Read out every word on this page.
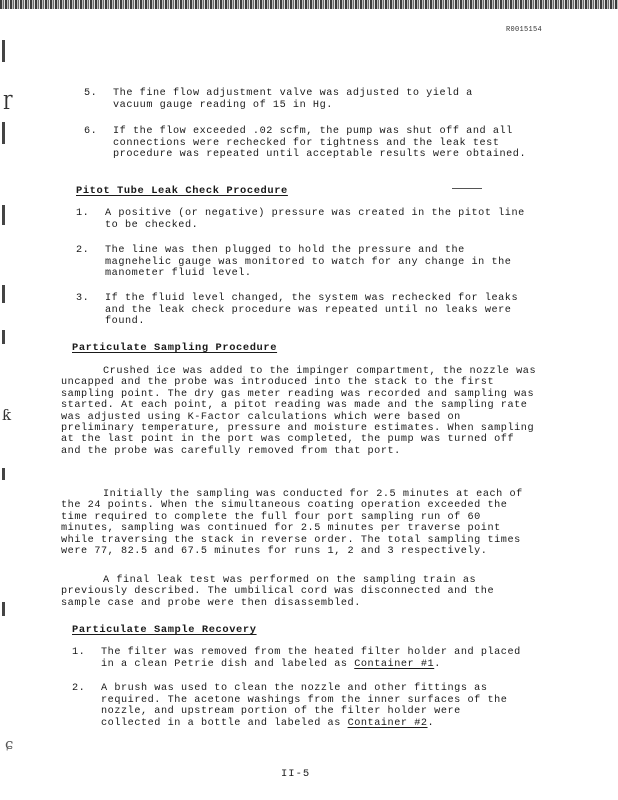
R0015154
ɼ
ƙ
ɕ
5.	The fine flow adjustment valve was adjusted to yield a vacuum gauge reading of 15 in Hg.
6.	If the flow exceeded .02 scfm, the pump was shut off and all connections were rechecked for tightness and the leak test procedure was repeated until acceptable results were obtained.
Pitot Tube Leak Check Procedure
1.	A positive (or negative) pressure was created in the pitot line to be checked.
2.	The line was then plugged to hold the pressure and the magnehelic gauge was monitored to watch for any change in the manometer fluid level.
3.	If the fluid level changed, the system was rechecked for leaks and the leak check procedure was repeated until no leaks were found.
Particulate Sampling Procedure
Crushed ice was added to the impinger compartment, the nozzle was uncapped and the probe was introduced into the stack to the first sampling point. The dry gas meter reading was recorded and sampling was started. At each point, a pitot reading was made and the sampling rate was adjusted using K-Factor calculations which were based on preliminary temperature, pressure and moisture estimates. When sampling at the last point in the port was completed, the pump was turned off and the probe was carefully removed from that port.
Initially the sampling was conducted for 2.5 minutes at each of the 24 points. When the simultaneous coating operation exceeded the time required to complete the full four port sampling run of 60 minutes, sampling was continued for 2.5 minutes per traverse point while traversing the stack in reverse order. The total sampling times were 77, 82.5 and 67.5 minutes for runs 1, 2 and 3 respectively.
A final leak test was performed on the sampling train as previously described. The umbilical cord was disconnected and the sample case and probe were then disassembled.
Particulate Sample Recovery
1.	The filter was removed from the heated filter holder and placed in a clean Petrie dish and labeled as Container #1.
2.	A brush was used to clean the nozzle and other fittings as required. The acetone washings from the inner surfaces of the nozzle, and upstream portion of the filter holder were collected in a bottle and labeled as Container #2.
II-5
